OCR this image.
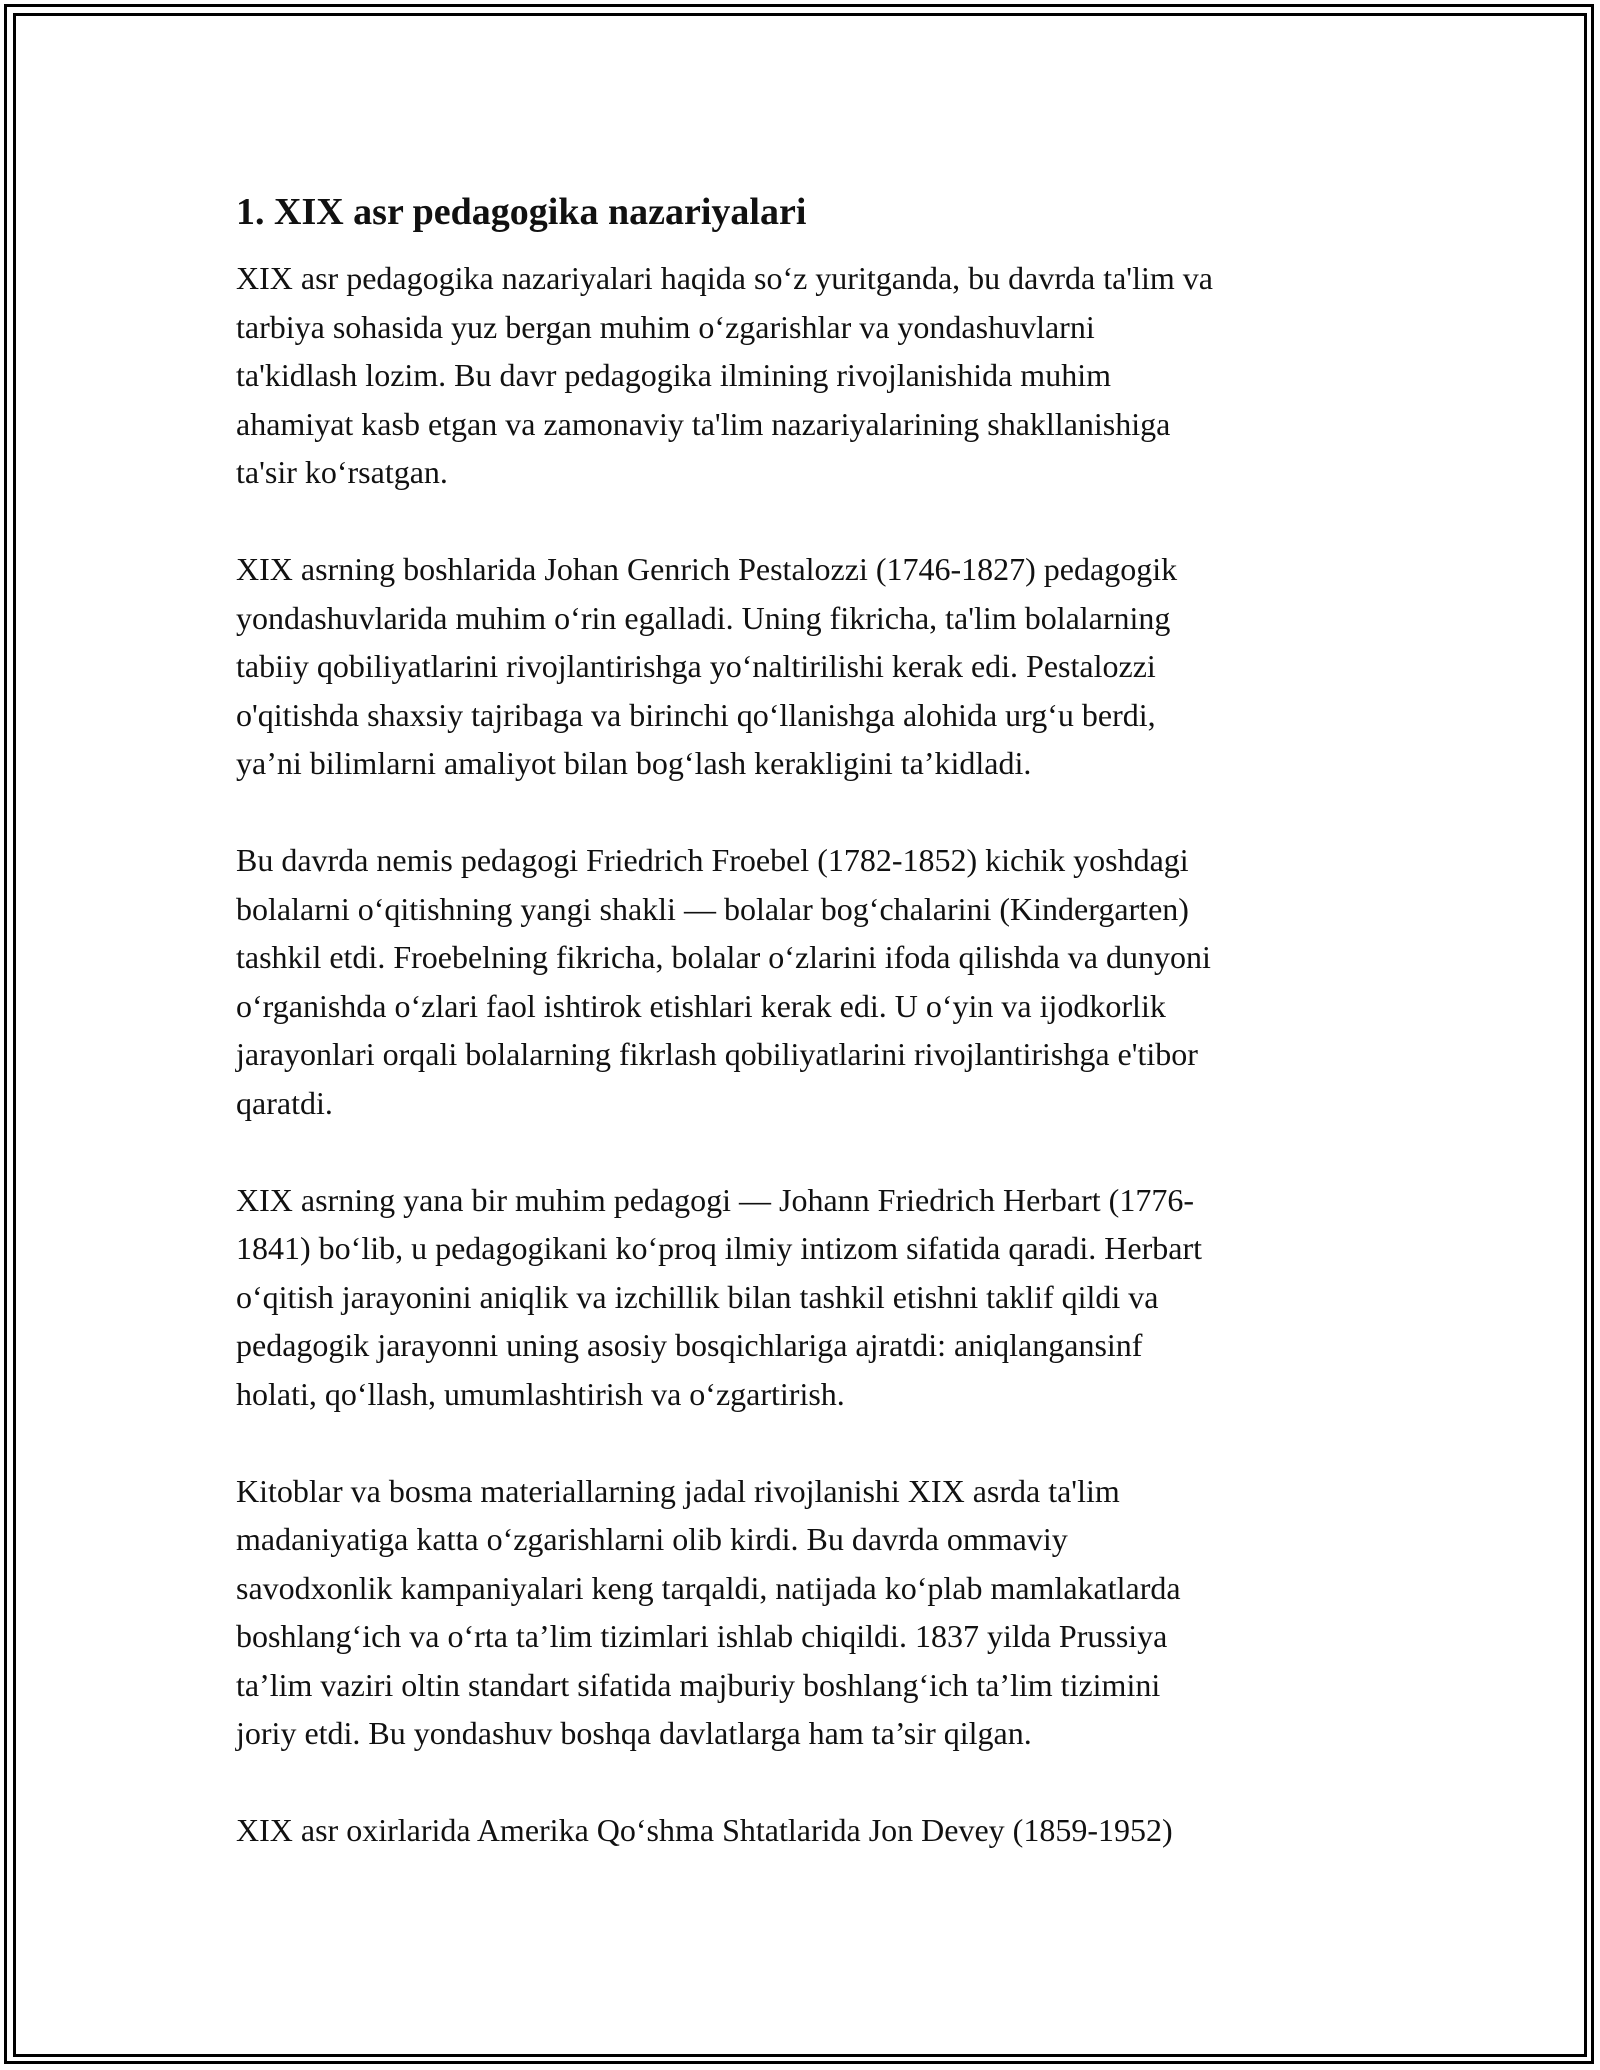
1. XIX asr pedagogika nazariyalari

XIX asr pedagogika nazariyalari haqida so‘z yuritganda, bu davrda ta'lim va
tarbiya sohasida yuz bergan muhim o‘zgarishlar va yondashuvlarni
ta'kidlash lozim. Bu davr pedagogika ilmining rivojlanishida muhim
ahamiyat kasb etgan va zamonaviy ta'lim nazariyalarining shakllanishiga
ta'sir ko‘rsatgan.

XIX asrning boshlarida Johan Genrich Pestalozzi (1746-1827) pedagogik
yondashuvlarida muhim o‘rin egalladi. Uning fikricha, ta'lim bolalarning
tabiiy qobiliyatlarini rivojlantirishga yo‘naltirilishi kerak edi. Pestalozzi
o'qitishda shaxsiy tajribaga va birinchi qo‘llanishga alohida urg‘u berdi,
ya’ni bilimlarni amaliyot bilan bog‘lash kerakligini ta’kidladi.

Bu davrda nemis pedagogi Friedrich Froebel (1782-1852) kichik yoshdagi
bolalarni o‘qitishning yangi shakli — bolalar bog‘chalarini (Kindergarten)
tashkil etdi. Froebelning fikricha, bolalar o‘zlarini ifoda qilishda va dunyoni
o‘rganishda o‘zlari faol ishtirok etishlari kerak edi. U o‘yin va ijodkorlik
jarayonlari orqali bolalarning fikrlash qobiliyatlarini rivojlantirishga e'tibor
qaratdi.

XIX asrning yana bir muhim pedagogi — Johann Friedrich Herbart (1776-
1841) bo‘lib, u pedagogikani ko‘proq ilmiy intizom sifatida qaradi. Herbart
o‘qitish jarayonini aniqlik va izchillik bilan tashkil etishni taklif qildi va
pedagogik jarayonni uning asosiy bosqichlariga ajratdi: aniqlangansinf
holati, qo‘llash, umumlashtirish va o‘zgartirish.

Kitoblar va bosma materiallarning jadal rivojlanishi XIX asrda ta'lim
madaniyatiga katta o‘zgarishlarni olib kirdi. Bu davrda ommaviy
savodxonlik kampaniyalari keng tarqaldi, natijada ko‘plab mamlakatlarda
boshlang‘ich va o‘rta ta’lim tizimlari ishlab chiqildi. 1837 yilda Prussiya
ta’lim vaziri oltin standart sifatida majburiy boshlang‘ich ta’lim tizimini
joriy etdi. Bu yondashuv boshqa davlatlarga ham ta’sir qilgan.

XIX asr oxirlarida Amerika Qo‘shma Shtatlarida Jon Devey (1859-1952)
